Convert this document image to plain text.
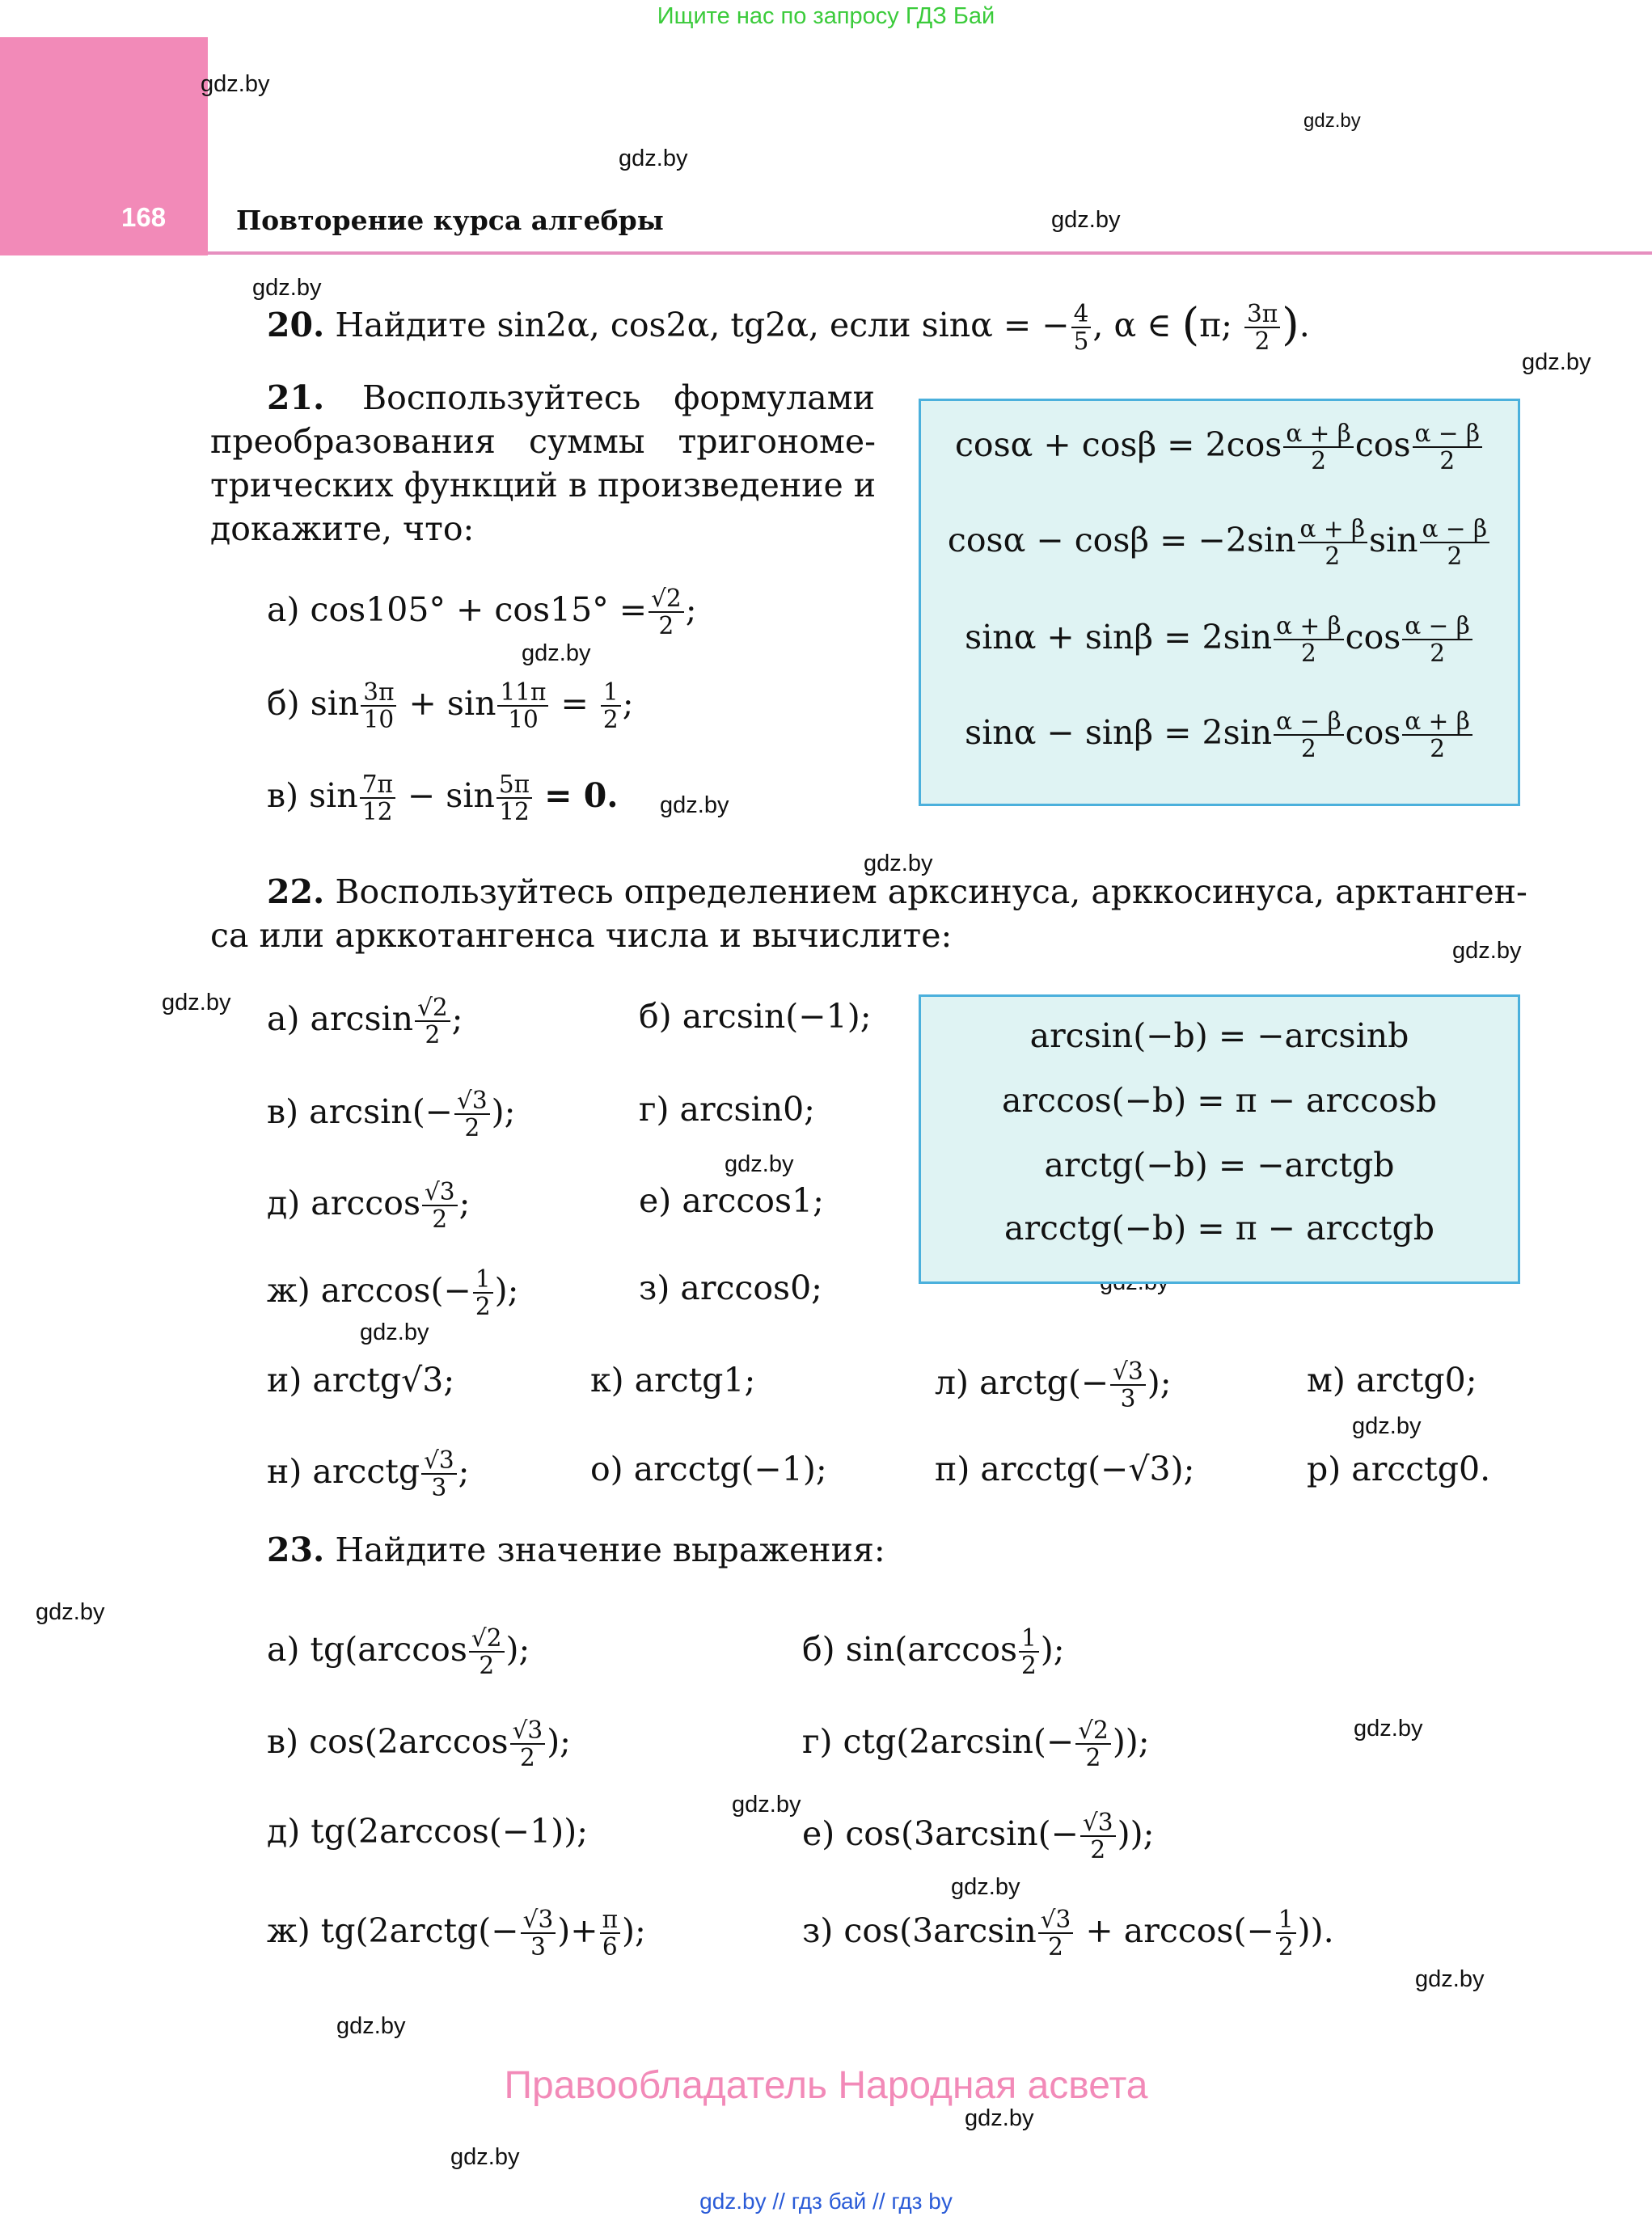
Ищите нас по запросу ГДЗ Бай
168	Повторение курса алгебры
gdz.by
gdz.by
gdz.by
gdz.by
gdz.by
gdz.by
gdz.by
gdz.by
gdz.by
gdz.by
gdz.by
gdz.by
gdz.by
gdz.by
gdz.by
gdz.by
gdz.by
gdz.by
gdz.by
gdz.by
gdz.by
gdz.by
20. Найдите sin2α, cos2α, tg2α, если sinα = − $\frac{4}{5}$ , α ∈ (π; $\frac{3\pi}{2}$ ).
21. Воспользуйтесь формулами
преобразования суммы тригономе-
трических функций в произведение и
докажите, что:
а) $\cos 105^\circ + \cos 15^\circ = \frac{√2}{2}$ ;
б) $\sin \frac{3\pi}{10} + \sin \frac{11\pi}{10} = \frac{1}{2}$ ;
в) $\sin \frac{7\pi}{12} - \sin \frac{5\pi}{12} = 0$.
$\cos\alpha + \cos\beta = 2\cos \frac{\alpha + \beta}{2}$ $\cos \frac{\alpha - \beta}{2}$
$\cos\alpha - \cos\beta = -2\sin \frac{\alpha + \beta}{2}$ $\sin \frac{\alpha - \beta}{2}$
$\sin\alpha + \sin\beta = 2\sin \frac{\alpha + \beta}{2}$ $\cos \frac{\alpha - \beta}{2}$
$\sin\alpha - \sin\beta = 2\sin \frac{\alpha - \beta}{2}$ $\cos \frac{\alpha + \beta}{2}$
22. Воспользуйтесь определением арксинуса, арккосинуса, арктанген-
са или арккотангенса числа и вычислите:
а) $\arcsin \frac{√2}{2}$ ;	б) arcsin(−1);
в) $\arcsin(- \frac{√3}{2}$ );	г) arcsin0;
д) $\arccos \frac{√3}{2}$ ;	е) arccos1;
ж) $\arccos(- \frac{1}{2}$ );	з) arccos0;
и) arctg√3;	к) arctg1;	л) arctg(− $\frac{√3}{3}$ );	м) arctg0;
н) arcctg $\frac{√3}{3}$ ;	о) arcctg(−1);	п) arcctg(−√3);	р) arcctg0.
arcsin(−b) = −arcsinb
arccos(−b) = π − arccosb
arctg(−b) = −arctgb
arcctg(−b) = π − arcctgb
23. Найдите значение выражения:
а) $tg(\arccos \frac{√2}{2}$ );	б) $\sin(\arccos \frac{1}{2}$ );
в) $\cos(2\arccos \frac{√3}{2}$ );	г) $ctg(2\arcsin(- \frac{√2}{2}$ ));
д) tg(2arccos(−1));	е) $\cos(3\arcsin(- \frac{√3}{2}$ ));
ж) tg(2arctg(− $\frac{√3}{3}$ )+ $\frac{\pi}{6}$ );	з) $\cos(3\arcsin \frac{√3}{2} + \arccos(- \frac{1}{2}$ )).
Правообладатель Народная асвета
gdz.by // гдз бай // гдз by
